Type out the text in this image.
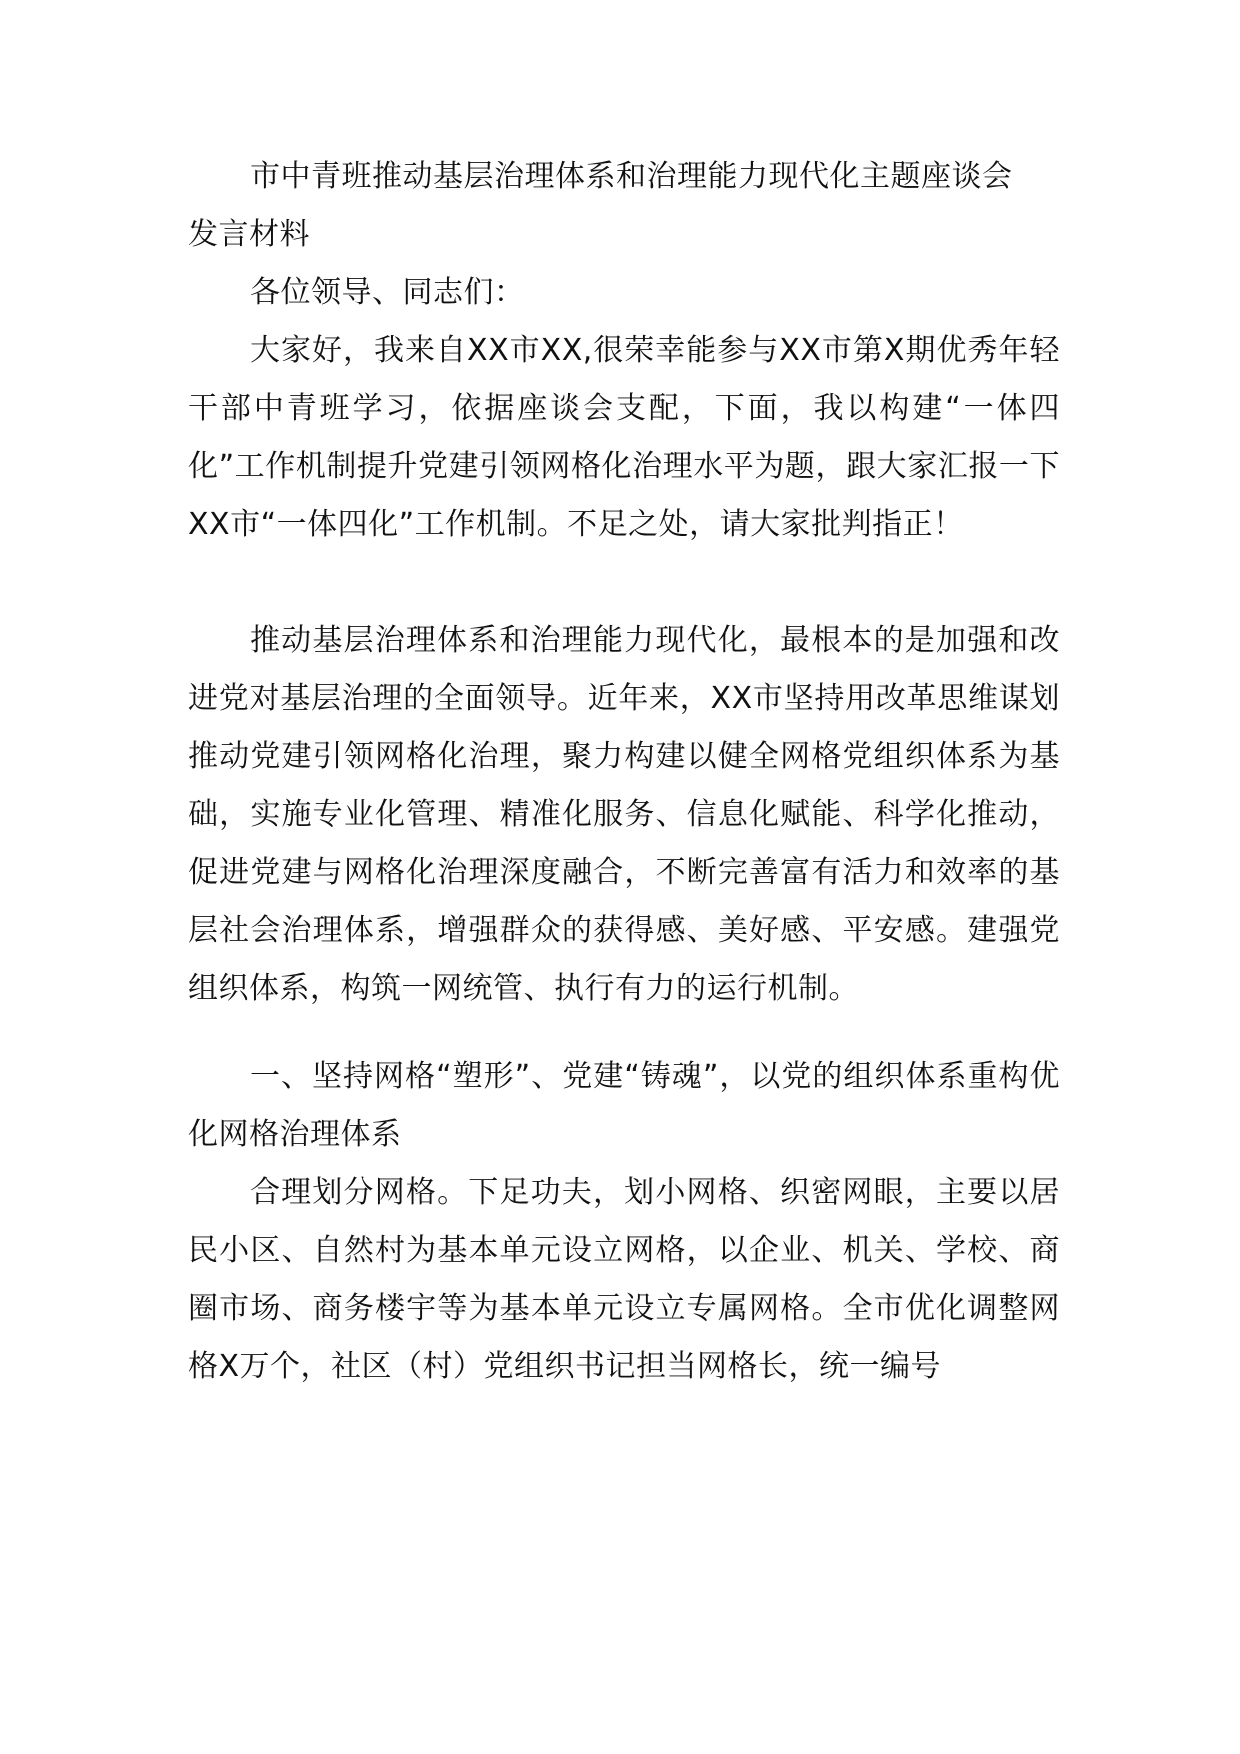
市中青班推动基层治理体系和治理能力现代化主题座谈会
发言材料

各位领导、同志们：

大家好，我来自XX市XX,很荣幸能参与XX市第X期优秀年轻干部中青班学习，依据座谈会支配，下面，我以构建“一体四化”工作机制提升党建引领网格化治理水平为题，跟大家汇报一下XX市“一体四化”工作机制。不足之处，请大家批判指正！

推动基层治理体系和治理能力现代化，最根本的是加强和改进党对基层治理的全面领导。近年来，XX市坚持用改革思维谋划推动党建引领网格化治理，聚力构建以健全网格党组织体系为基础，实施专业化管理、精准化服务、信息化赋能、科学化推动，促进党建与网格化治理深度融合，不断完善富有活力和效率的基层社会治理体系，增强群众的获得感、美好感、平安感。建强党组织体系，构筑一网统管、执行有力的运行机制。

一、坚持网格“塑形”、党建“铸魂”，以党的组织体系重构优化网格治理体系

合理划分网格。下足功夫，划小网格、织密网眼，主要以居民小区、自然村为基本单元设立网格，以企业、机关、学校、商圈市场、商务楼宇等为基本单元设立专属网格。全市优化调整网格X万个，社区（村）党组织书记担当网格长，统一编号
